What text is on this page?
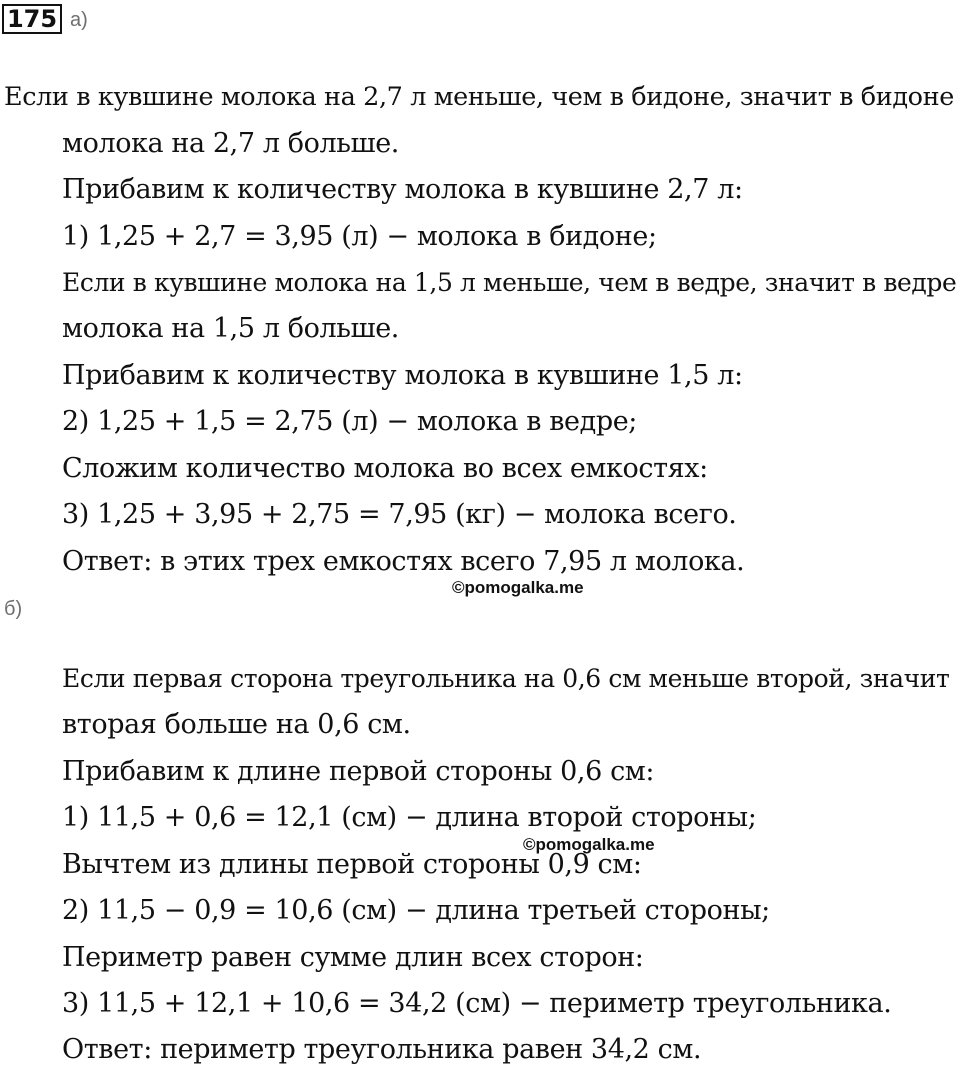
175 а)
Если в кувшине молока на 2,7 л меньше, чем в бидоне, значит в бидоне
молока на 2,7 л больше.
Прибавим к количеству молока в кувшине 2,7 л:
1) 1,25 + 2,7 = 3,95 (л) − молока в бидоне;
Если в кувшине молока на 1,5 л меньше, чем в ведре, значит в ведре
молока на 1,5 л больше.
Прибавим к количеству молока в кувшине 1,5 л:
2) 1,25 + 1,5 = 2,75 (л) − молока в ведре;
Сложим количество молока во всех емкостях:
3) 1,25 + 3,95 + 2,75 = 7,95 (кг) − молока всего.
Ответ: в этих трех емкостях всего 7,95 л молока.
©pomogalka.me
б)
Если первая сторона треугольника на 0,6 см меньше второй, значит
вторая больше на 0,6 см.
Прибавим к длине первой стороны 0,6 см:
1) 11,5 + 0,6 = 12,1 (см) − длина второй стороны;
Вычтем из длины первой стороны 0,9 см:
2) 11,5 − 0,9 = 10,6 (см) − длина третьей стороны;
Периметр равен сумме длин всех сторон:
3) 11,5 + 12,1 + 10,6 = 34,2 (см) − периметр треугольника.
Ответ: периметр треугольника равен 34,2 см.
©pomogalka.me
